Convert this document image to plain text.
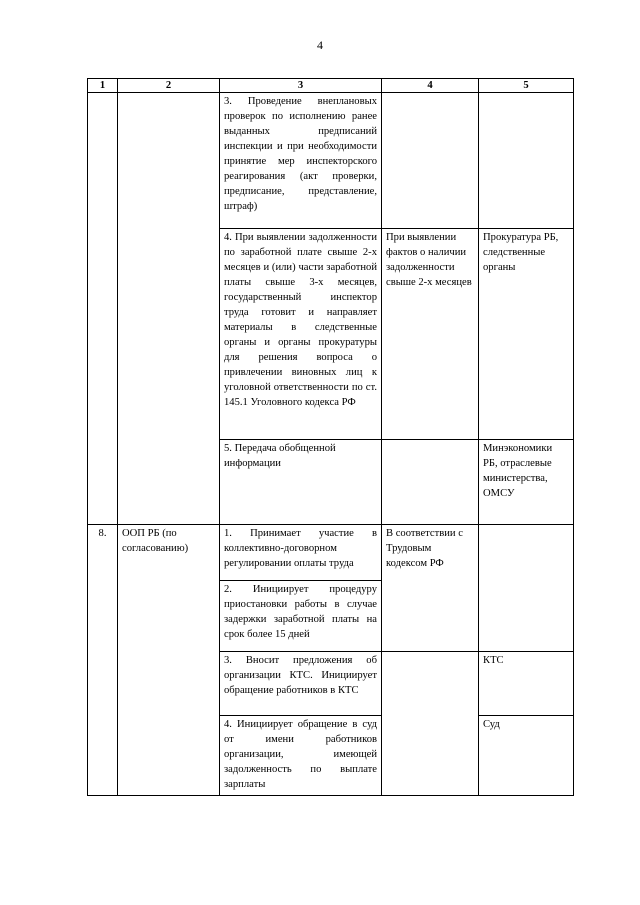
4
1	2	3	4	5
		3. Проведение внеплановых проверок по исполнению ранее выданных предписаний инспекции и при необходимости принятие мер инспекторского реагирования (акт проверки, предписание, представление, штраф)		
		4. При выявлении задолженности по заработной плате свыше 2-х месяцев и (или) части заработной платы свыше 3-х месяцев, государственный инспектор труда готовит и направляет материалы в следственные органы и органы прокуратуры для решения вопроса о привлечении виновных лиц к уголовной ответственности по ст. 145.1 Уголовного кодекса РФ	При выявлении фактов о наличии задолженности свыше 2-х месяцев	Прокуратура РБ, следственные органы
		5. Передача обобщенной информации		Минэкономики РБ, отраслевые министерства, ОМСУ
8.	ООП РБ (по согласованию)	1. Принимает участие в коллективно-договорном регулировании оплаты труда	В соответствии с Трудовым кодексом РФ	
		2. Инициирует процедуру приостановки работы в случае задержки заработной платы на срок более 15 дней		
		3. Вносит предложения об организации КТС. Инициирует обращение работников в КТС		КТС
		4. Инициирует обращение в суд от имени работников организации, имеющей задолженность по выплате зарплаты		Суд
